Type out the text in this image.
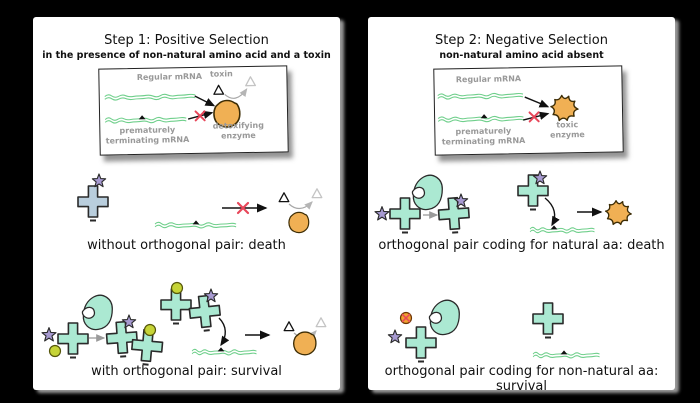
Step 1: Positive Selection
in the presence of non-natural amino acid and a toxin
Regular mRNA toxin
detoxifying
enzyme
prematurely
terminating mRNA
without orthogonal pair: death
with orthogonal pair: survival
Step 2: Negative Selection
non-natural amino acid absent
Regular mRNA
toxic
enzyme
prematurely
terminating mRNA
orthogonal pair coding for natural aa: death
orthogonal pair coding for non-natural aa: survival
